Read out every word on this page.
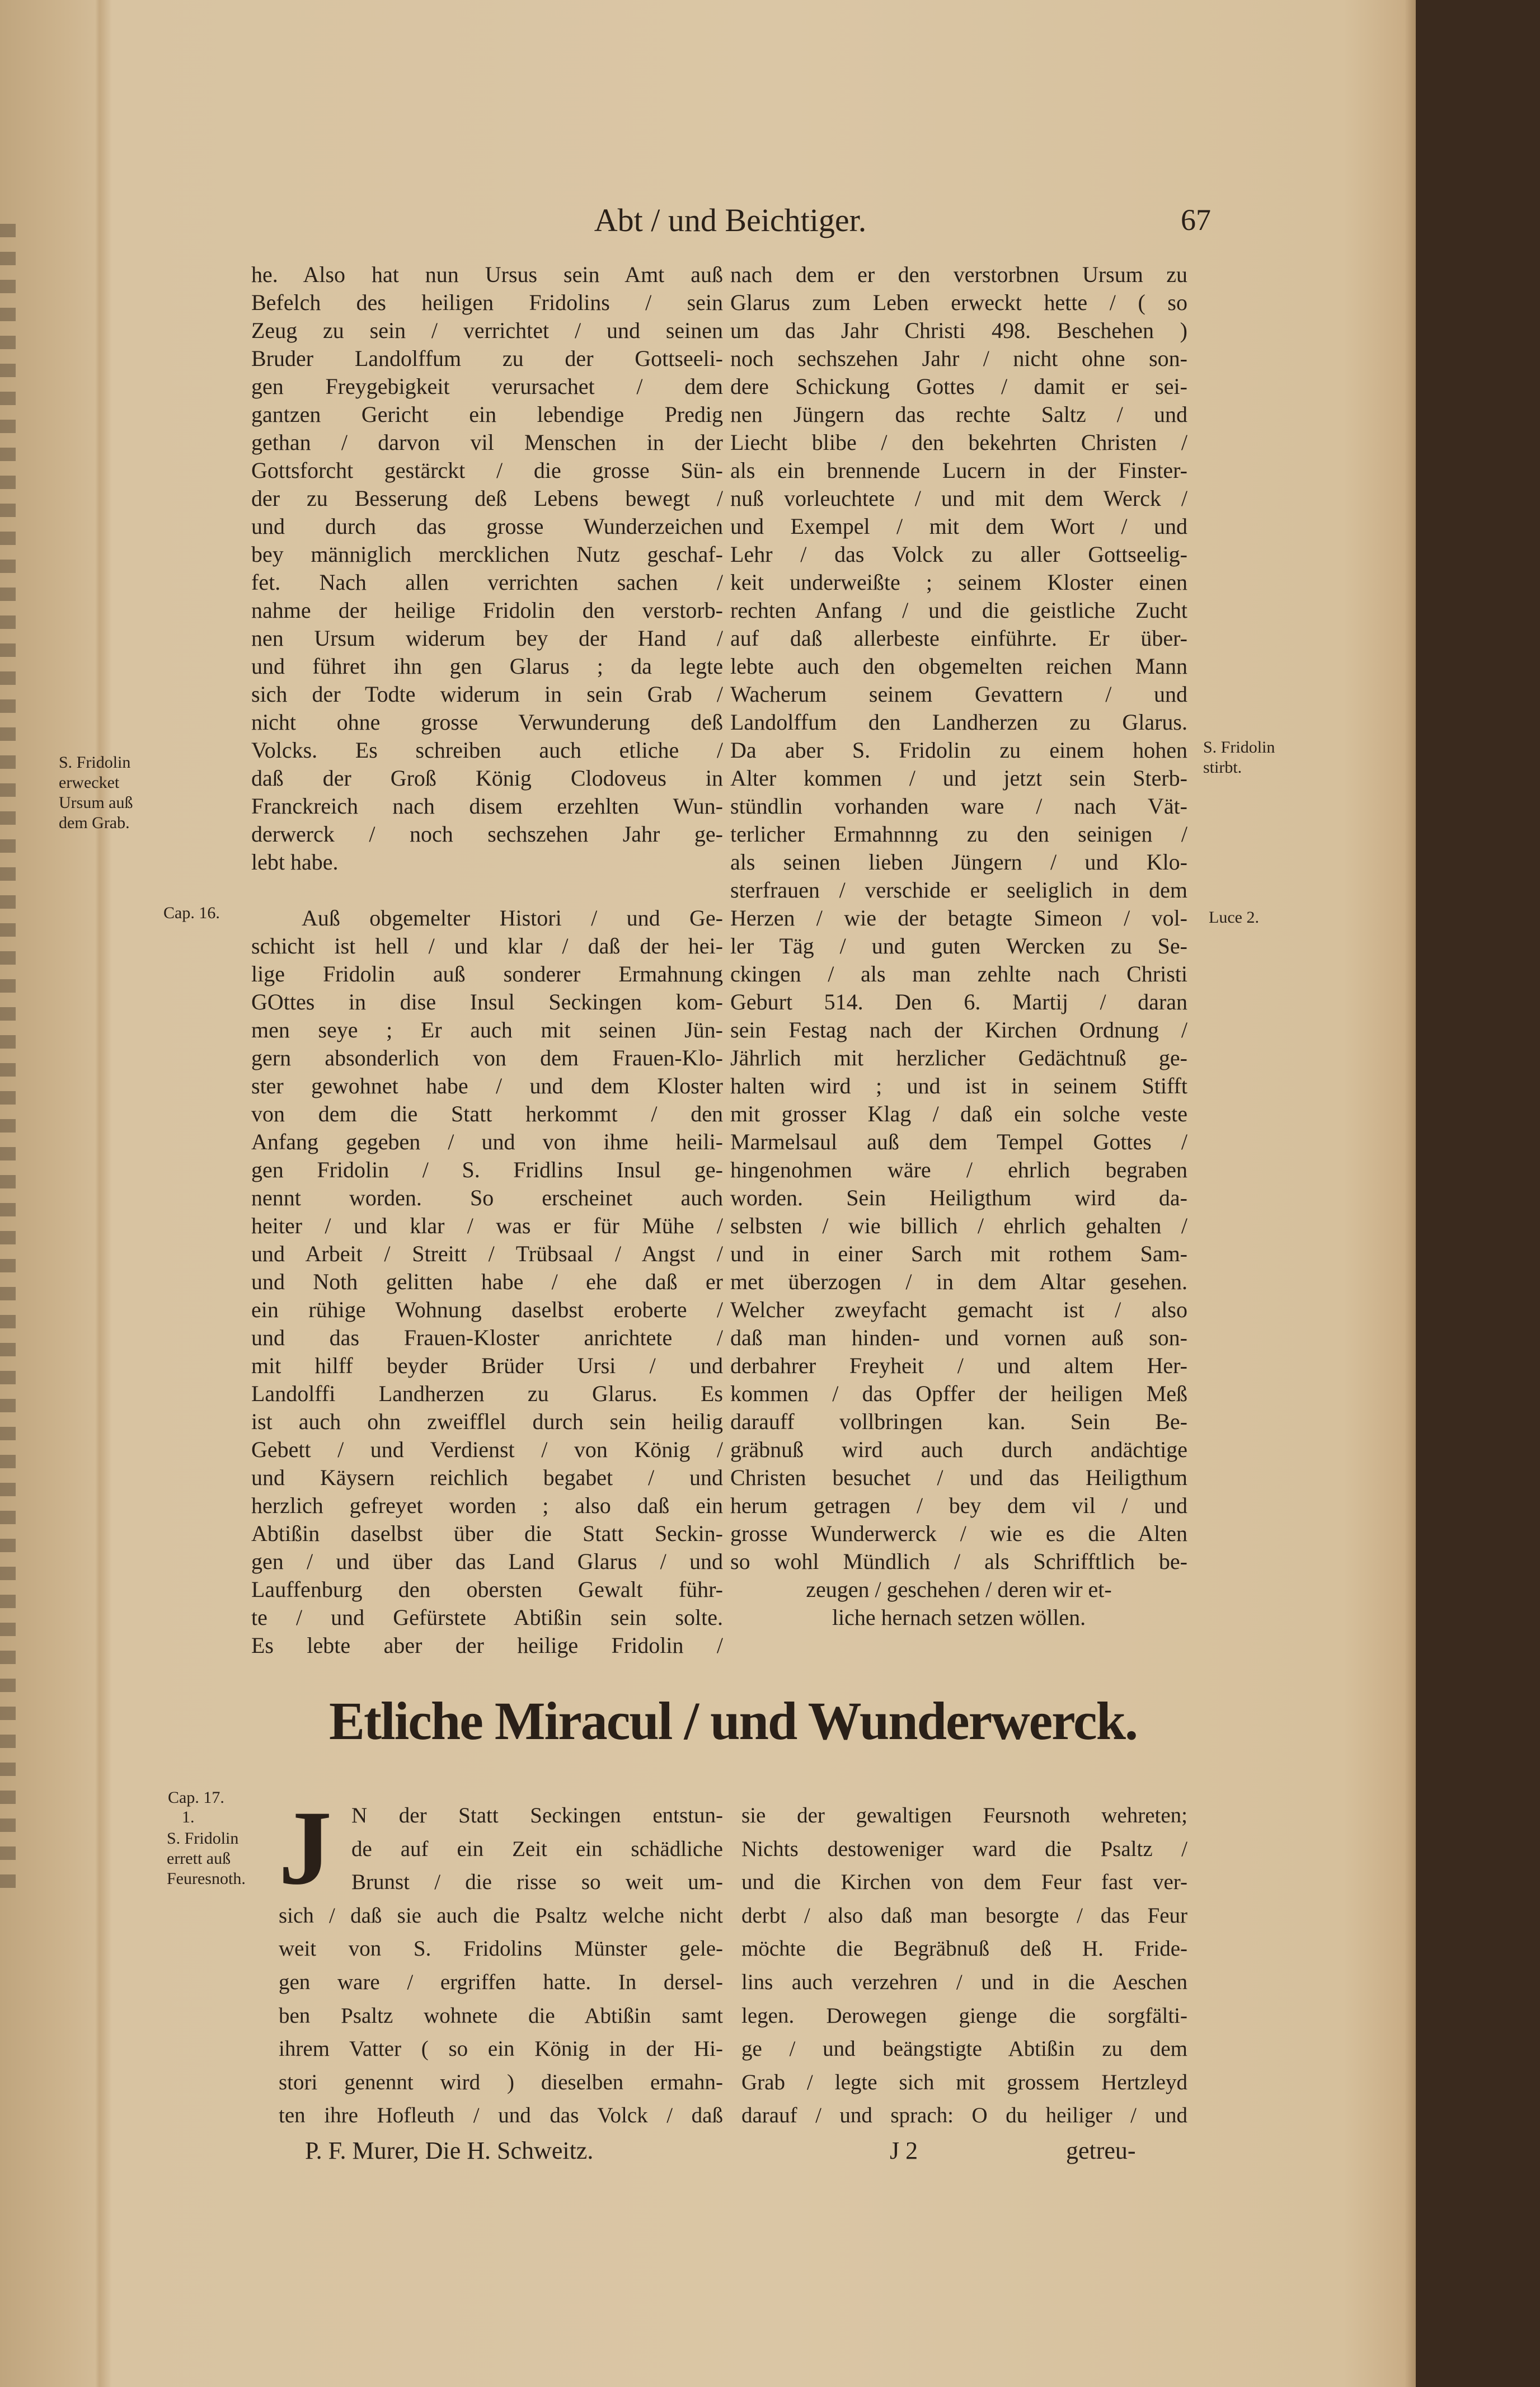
Abt / und Beichtiger.	67
he. Also hat nun Ursus sein Amt auß
Befelch des heiligen Fridolins / sein
Zeug zu sein / verrichtet / und seinen
Bruder Landolffum zu der Gottseeli-
gen Freygebigkeit verursachet / dem
gantzen Gericht ein lebendige Predig
gethan / darvon vil Menschen in der
Gottsforcht gestärckt / die grosse Sün-
der zu Besserung deß Lebens bewegt /
und durch das grosse Wunderzeichen
bey männiglich mercklichen Nutz geschaf-
fet. Nach allen verrichten sachen /
nahme der heilige Fridolin den verstorb-
nen Ursum widerum bey der Hand /
und führet ihn gen Glarus ; da legte
sich der Todte widerum in sein Grab /
nicht ohne grosse Verwunderung deß
Volcks. Es schreiben auch etliche /
daß der Groß König Clodoveus in
Franckreich nach disem erzehlten Wun-
derwerck / noch sechszehen Jahr ge-
lebt habe.
Auß obgemelter Histori / und Ge-
schicht ist hell / und klar / daß der hei-
lige Fridolin auß sonderer Ermahnung
GOttes in dise Insul Seckingen kom-
men seye ; Er auch mit seinen Jün-
gern absonderlich von dem Frauen-Klo-
ster gewohnet habe / und dem Kloster
von dem die Statt herkommt / den
Anfang gegeben / und von ihme heili-
gen Fridolin / S. Fridlins Insul ge-
nennt worden. So erscheinet auch
heiter / und klar / was er für Mühe /
und Arbeit / Streitt / Trübsaal / Angst /
und Noth gelitten habe / ehe daß er
ein rühige Wohnung daselbst eroberte /
und das Frauen-Kloster anrichtete /
mit hilff beyder Brüder Ursi / und
Landolffi Landherzen zu Glarus. Es
ist auch ohn zweifflel durch sein heilig
Gebett / und Verdienst / von König /
und Käysern reichlich begabet / und
herzlich gefreyet worden ; also daß ein
Abtißin daselbst über die Statt Seckin-
gen / und über das Land Glarus / und
Lauffenburg den obersten Gewalt führ-
te / und Gefürstete Abtißin sein solte.
Es lebte aber der heilige Fridolin /
nach dem er den verstorbnen Ursum zu
Glarus zum Leben erweckt hette / ( so
um das Jahr Christi 498. Beschehen )
noch sechszehen Jahr / nicht ohne son-
dere Schickung Gottes / damit er sei-
nen Jüngern das rechte Saltz / und
Liecht blibe / den bekehrten Christen /
als ein brennende Lucern in der Finster-
nuß vorleuchtete / und mit dem Werck /
und Exempel / mit dem Wort / und
Lehr / das Volck zu aller Gottseelig-
keit underweißte ; seinem Kloster einen
rechten Anfang / und die geistliche Zucht
auf daß allerbeste einführte. Er über-
lebte auch den obgemelten reichen Mann
Wacherum seinem Gevattern / und
Landolffum den Landherzen zu Glarus.
Da aber S. Fridolin zu einem hohen
Alter kommen / und jetzt sein Sterb-
stündlin vorhanden ware / nach Vät-
terlicher Ermahnnng zu den seinigen /
als seinen lieben Jüngern / und Klo-
sterfrauen / verschide er seeliglich in dem
Herzen / wie der betagte Simeon / vol-
ler Täg / und guten Wercken zu Se-
ckingen / als man zehlte nach Christi
Geburt 514. Den 6. Martij / daran
sein Festag nach der Kirchen Ordnung /
Jährlich mit herzlicher Gedächtnuß ge-
halten wird ; und ist in seinem Stifft
mit grosser Klag / daß ein solche veste
Marmelsaul auß dem Tempel Gottes /
hingenohmen wäre / ehrlich begraben
worden. Sein Heiligthum wird da-
selbsten / wie billich / ehrlich gehalten /
und in einer Sarch mit rothem Sam-
met überzogen / in dem Altar gesehen.
Welcher zweyfacht gemacht ist / also
daß man hinden- und vornen auß son-
derbahrer Freyheit / und altem Her-
kommen / das Opffer der heiligen Meß
darauff vollbringen kan. Sein Be-
gräbnuß wird auch durch andächtige
Christen besuchet / und das Heiligthum
herum getragen / bey dem vil / und
grosse Wunderwerck / wie es die Alten
so wohl Mündlich / als Schrifftlich be-
zeugen / geschehen / deren wir et-
liche hernach setzen wöllen.
S. Fridolin erwecket Ursum auß dem Grab.
Cap. 16.
S. Fridolin stirbt.
Luce 2.
Etliche Miracul / und Wunderwerck.
Cap. 17.
1.
S. Fridolin errett auß Feuresnoth. J N der Statt Seckingen entstun-
de auf ein Zeit ein schädliche
Brunst / die risse so weit um-
sich / daß sie auch die Psaltz welche nicht
weit von S. Fridolins Münster gele-
gen ware / ergriffen hatte. In dersel-
ben Psaltz wohnete die Abtißin samt
ihrem Vatter ( so ein König in der Hi-
stori genennt wird ) dieselben ermahn-
ten ihre Hofleuth / und das Volck / daß
sie der gewaltigen Feursnoth wehreten;
Nichts destoweniger ward die Psaltz /
und die Kirchen von dem Feur fast ver-
derbt / also daß man besorgte / das Feur
möchte die Begräbnuß deß H. Fride-
lins auch verzehren / und in die Aeschen
legen. Derowegen gienge die sorgfälti-
ge / und beängstigte Abtißin zu dem
Grab / legte sich mit grossem Hertzleyd
darauf / und sprach: O du heiliger / und
P. F. Murer, Die H. Schweitz.	J 2	getreu-
